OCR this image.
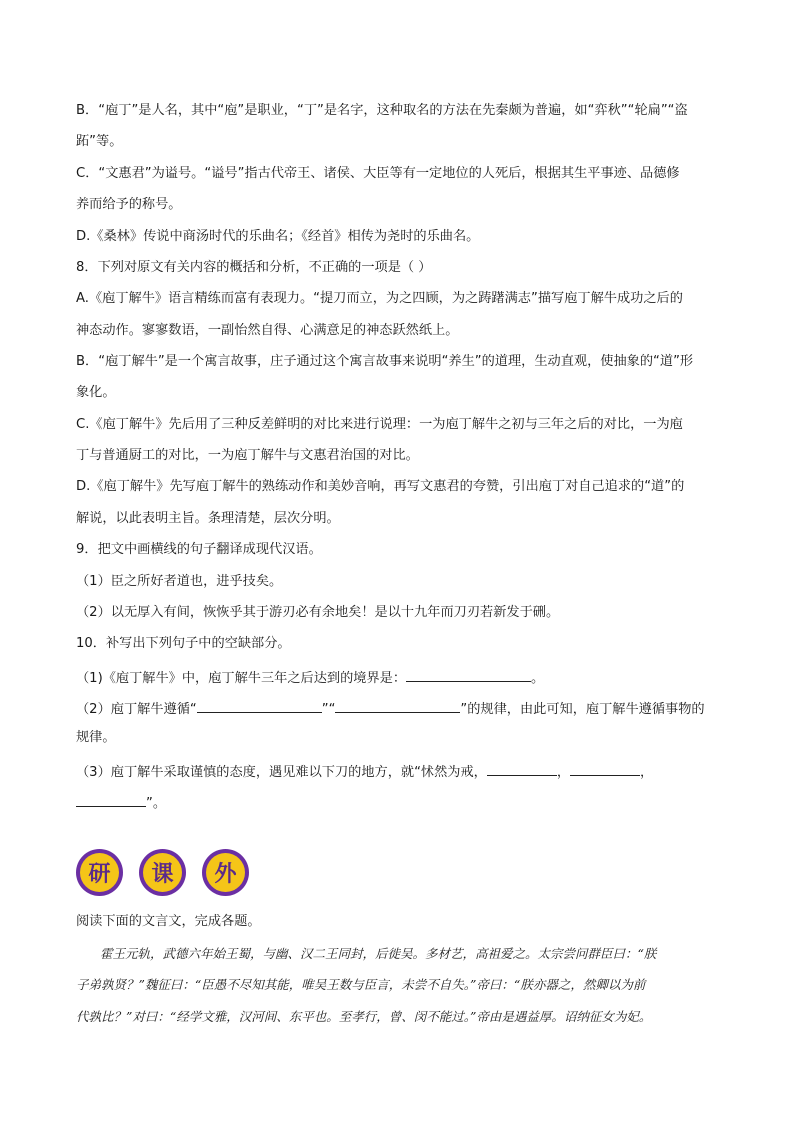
B．“庖丁”是人名，其中“庖”是职业，“丁”是名字，这种取名的方法在先秦颇为普遍，如“弈秋”“轮扁”“盗
跖”等。
C．“文惠君”为谥号。“谥号”指古代帝王、诸侯、大臣等有一定地位的人死后，根据其生平事迹、品德修
养而给予的称号。
D.《桑林》传说中商汤时代的乐曲名；《经首》相传为尧时的乐曲名。
8．下列对原文有关内容的概括和分析，不正确的一项是（ ）
A.《庖丁解牛》语言精练而富有表现力。“提刀而立，为之四顾，为之踌躇满志”描写庖丁解牛成功之后的
神态动作。寥寥数语，一副怡然自得、心满意足的神态跃然纸上。
B．“庖丁解牛”是一个寓言故事，庄子通过这个寓言故事来说明“养生”的道理，生动直观，使抽象的“道”形
象化。
C.《庖丁解牛》先后用了三种反差鲜明的对比来进行说理：一为庖丁解牛之初与三年之后的对比，一为庖
丁与普通厨工的对比，一为庖丁解牛与文惠君治国的对比。
D.《庖丁解牛》先写庖丁解牛的熟练动作和美妙音响，再写文惠君的夸赞，引出庖丁对自己追求的“道”的
解说，以此表明主旨。条理清楚，层次分明。
9．把文中画横线的句子翻译成现代汉语。
（1）臣之所好者道也，进乎技矣。
（2）以无厚入有间，恢恢乎其于游刃必有余地矣！是以十九年而刀刃若新发于硎。
10．补写出下列句子中的空缺部分。
（1)《庖丁解牛》中，庖丁解牛三年之后达到的境界是：	。
（2）庖丁解牛遵循“	”“	”的规律，由此可知，庖丁解牛遵循事物的
规律。
（3）庖丁解牛采取谨慎的态度，遇见难以下刀的地方，就“怵然为戒，	，	，
”。
研	课	外
阅读下面的文言文，完成各题。
霍王元轨，武德六年始王蜀，与幽、汉二王同封，后徙吴。多材艺，高祖爱之。太宗尝问群臣曰：“朕
子弟孰贤？”魏征曰：“臣愚不尽知其能，唯吴王数与臣言，未尝不自失。”帝曰：“朕亦器之，然卿以为前
代孰比？”对曰：“经学文雅，汉河间、东平也。至孝行，曾、闵不能过。”帝由是遇益厚。诏纳征女为妃。
